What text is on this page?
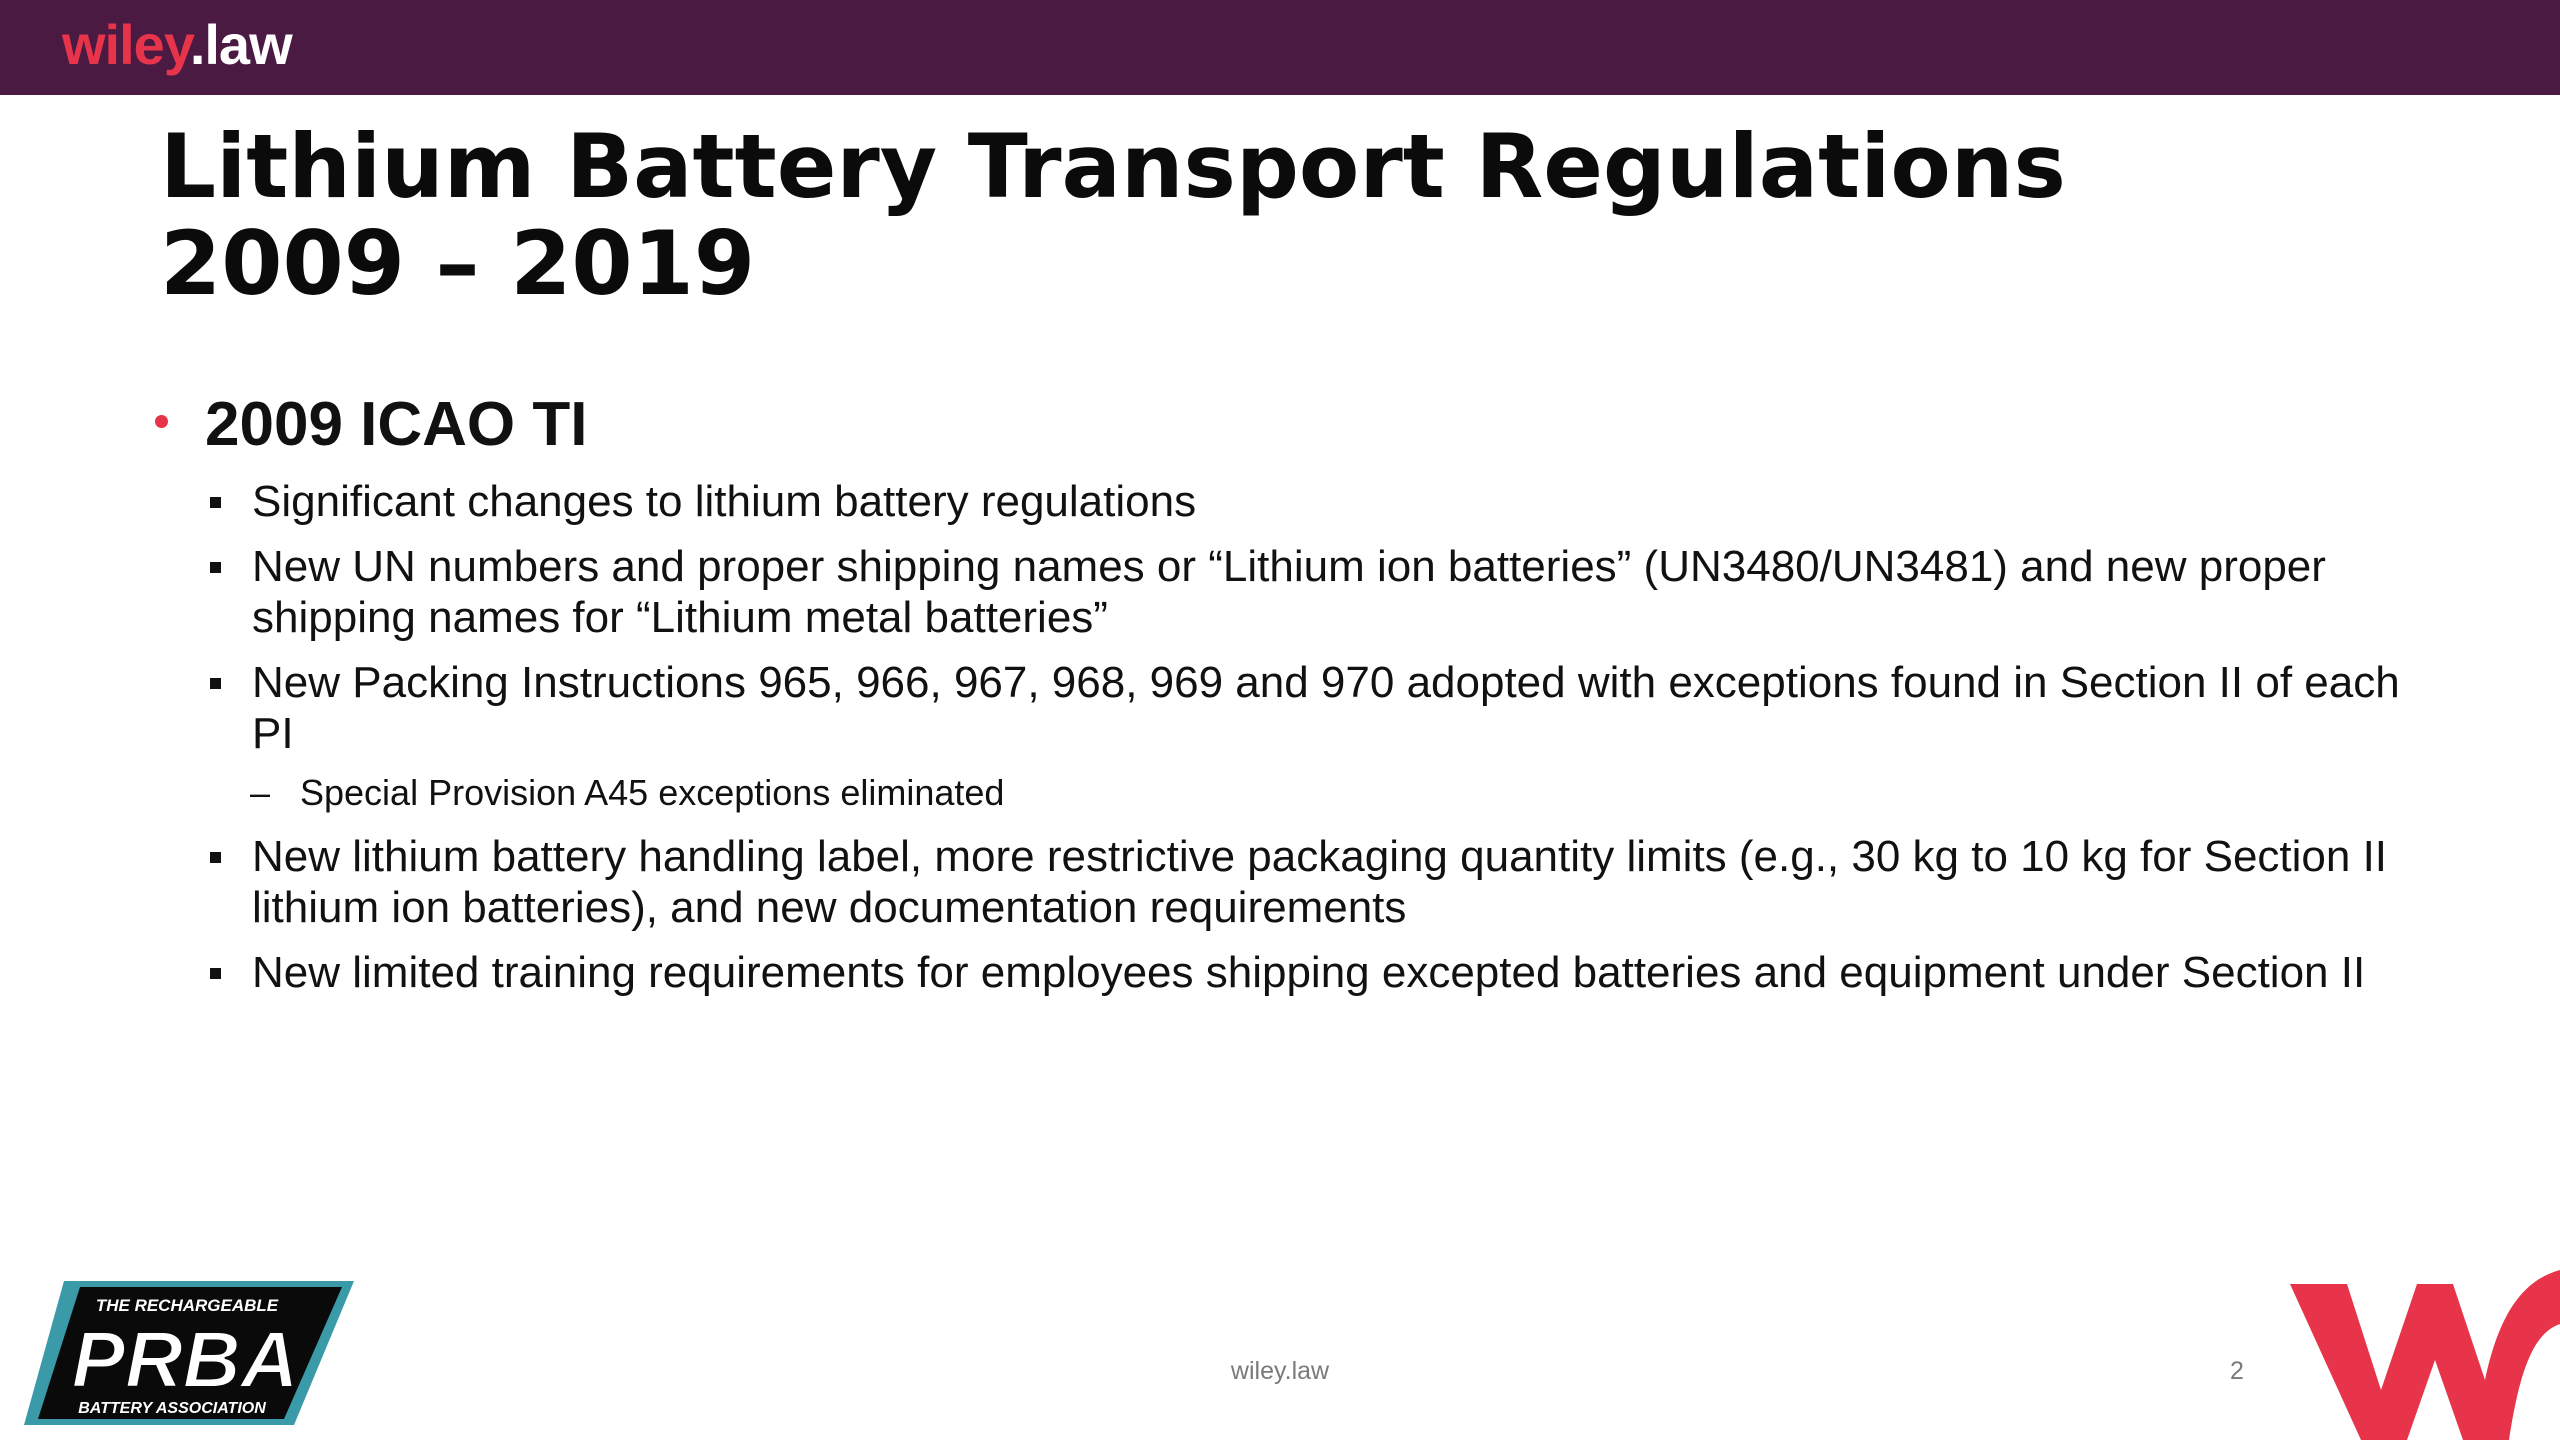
wiley.law
Lithium Battery Transport Regulations
2009 – 2019
2009 ICAO TI
Significant changes to lithium battery regulations
New UN numbers and proper shipping names or “Lithium ion batteries” (UN3480/UN3481) and new proper shipping names for “Lithium metal batteries”
New Packing Instructions 965, 966, 967, 968, 969 and 970 adopted with exceptions found in Section II of each PI
– Special Provision A45 exceptions eliminated
New lithium battery handling label, more restrictive packaging quantity limits (e.g., 30 kg to 10 kg for Section II lithium ion batteries), and new documentation requirements
New limited training requirements for employees shipping excepted batteries and equipment under Section II
THE RECHARGEABLE
PRBA
BATTERY ASSOCIATION
wiley.law	2
